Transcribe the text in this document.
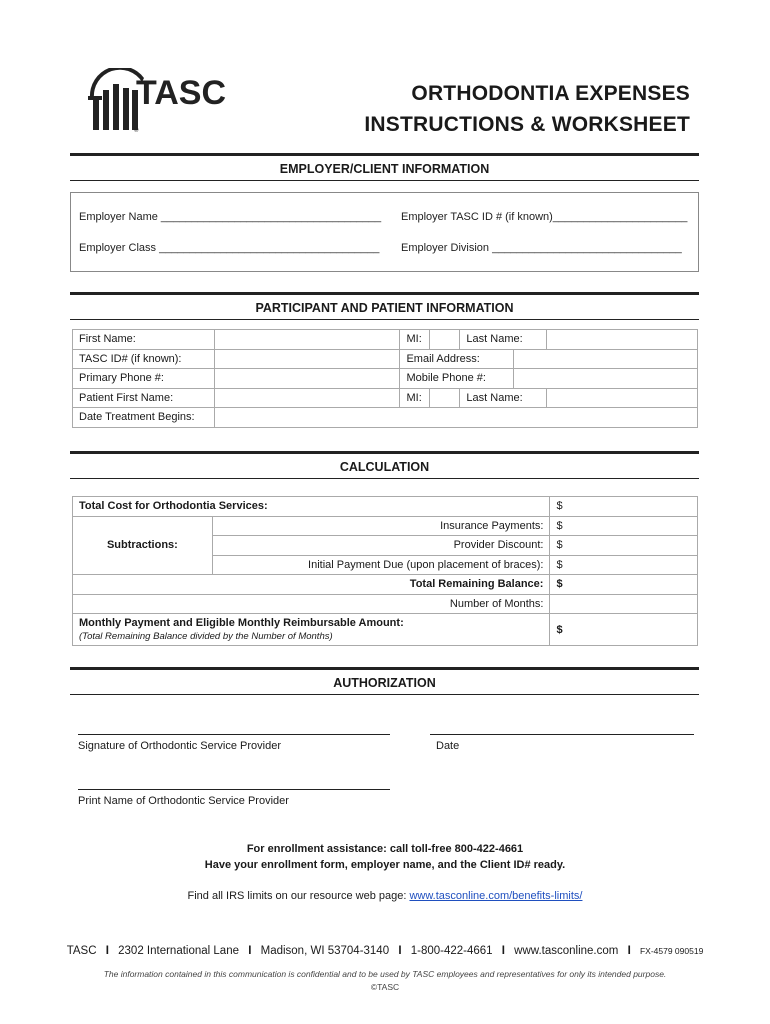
TASC
®
ORTHODONTIA EXPENSES
INSTRUCTIONS & WORKSHEET
EMPLOYER/CLIENT INFORMATION
Employer Name ____________________________________ Employer TASC ID # (if known)______________________
Employer Class ____________________________________ Employer Division _______________________________
PARTICIPANT AND PATIENT INFORMATION
First Name:			MI:		Last Name:		
TASC ID# (if known):			Email Address:				
Primary Phone #:			Mobile Phone #:				
Patient First Name:			MI:		Last Name:		
Date Treatment Begins:							
CALCULATION
Total Cost for Orthodontia Services:		$
Subtractions:	Insurance Payments:	$
	Provider Discount:	$
	Initial Payment Due (upon placement of braces):	$
Total Remaining Balance:		$
Number of Months:		

Monthly Payment and Eligible Monthly Reimbursable Amount:
(Total Remaining Balance divided by the Number of Months)		$
AUTHORIZATION
Signature of Orthodontic Service Provider	Date
Print Name of Orthodontic Service Provider
For enrollment assistance: call toll-free 800-422-4661
Have your enrollment form, employer name, and the Client ID# ready.
Find all IRS limits on our resource web page: www.tasconline.com/benefits-limits/
TASC I 2302 International Lane I Madison, WI 53704-3140 I 1-800-422-4661 I www.tasconline.com I FX-4579 090519
The information contained in this communication is confidential and to be used by TASC employees and representatives for only its intended purpose.
©TASC
